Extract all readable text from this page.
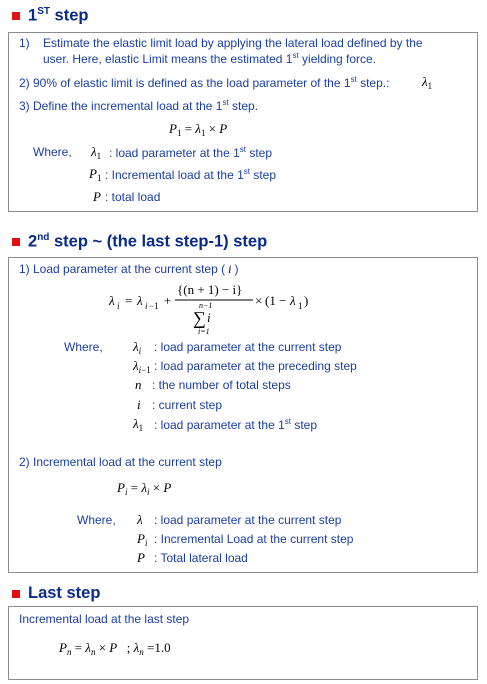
1ST step
1) Estimate the elastic limit load by applying the lateral load defined by the
user. Here, elastic Limit means the estimated 1st yielding force.
2) 90% of elastic limit is defined as the load parameter of the 1st step.:	$\lambda_1$
3) Define the incremental load at the 1st step.
$P_1 = \lambda_1 \times P$
Where, $\lambda_1$ : load parameter at the 1st step
$P_1$ : Incremental load at the 1st step
P : total load
2nd step ~ (the last step-1) step
1) Load parameter at the current step ( i )
λ i = λ i −1 +
{(n + 1) − i}
n−1
∑ i
i=1
× (1 − λ 1 )
Where, $\lambda_i$ : load parameter at the current step
$\lambda_{i-1}$ : load parameter at the preceding step
n : the number of total steps
i : current step
$\lambda_1$ : load parameter at the 1st step
2) Incremental load at the current step
$P_i = \lambda_i \times P$
Where, λ : load parameter at the current step
$P_i$ : Incremental Load at the current step
P : Total lateral load
Last step
Incremental load at the last step
$P_n = \lambda_n \times P$   ; $\lambda_n =1.0$
